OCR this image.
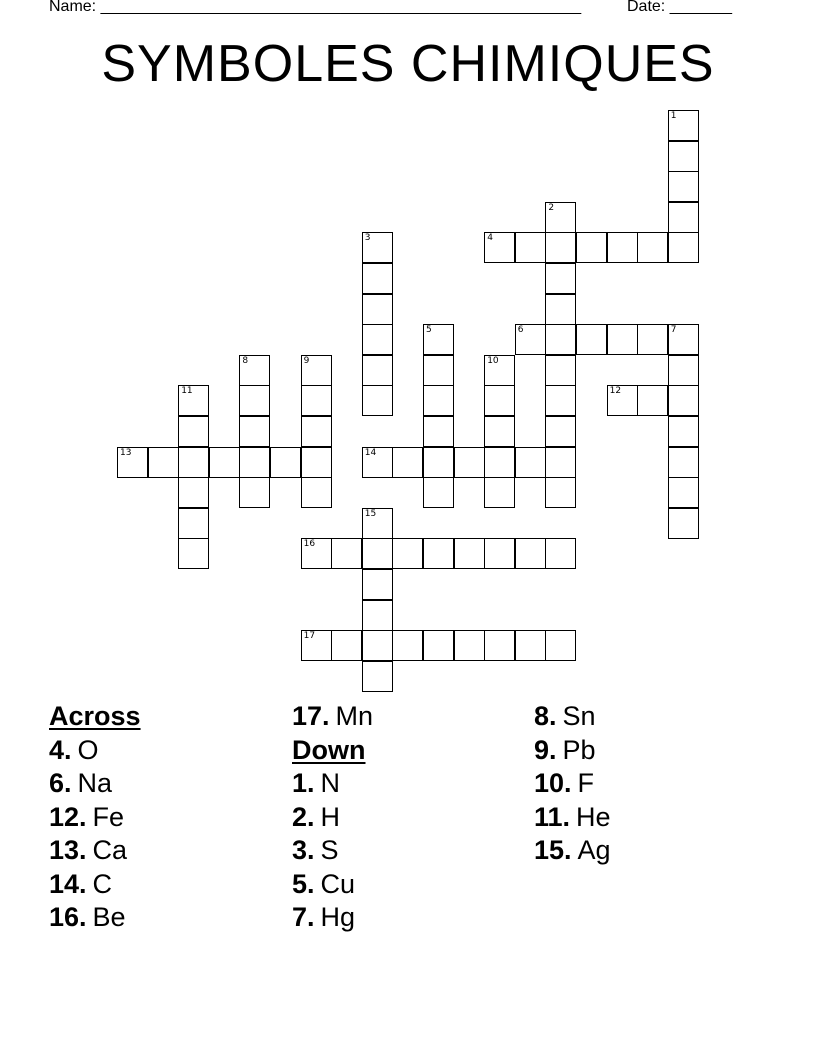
Name: ______________________________________________________	Date: _______
SYMBOLES CHIMIQUES
1
2
3	4
5	6	7
8	9	10
11	12
13	14
15
16
17
Across
4. O
6. Na
12. Fe
13. Ca
14. C
16. Be
17. Mn
Down
1. N
2. H
3. S
5. Cu
7. Hg
8. Sn
9. Pb
10. F
11. He
15. Ag
